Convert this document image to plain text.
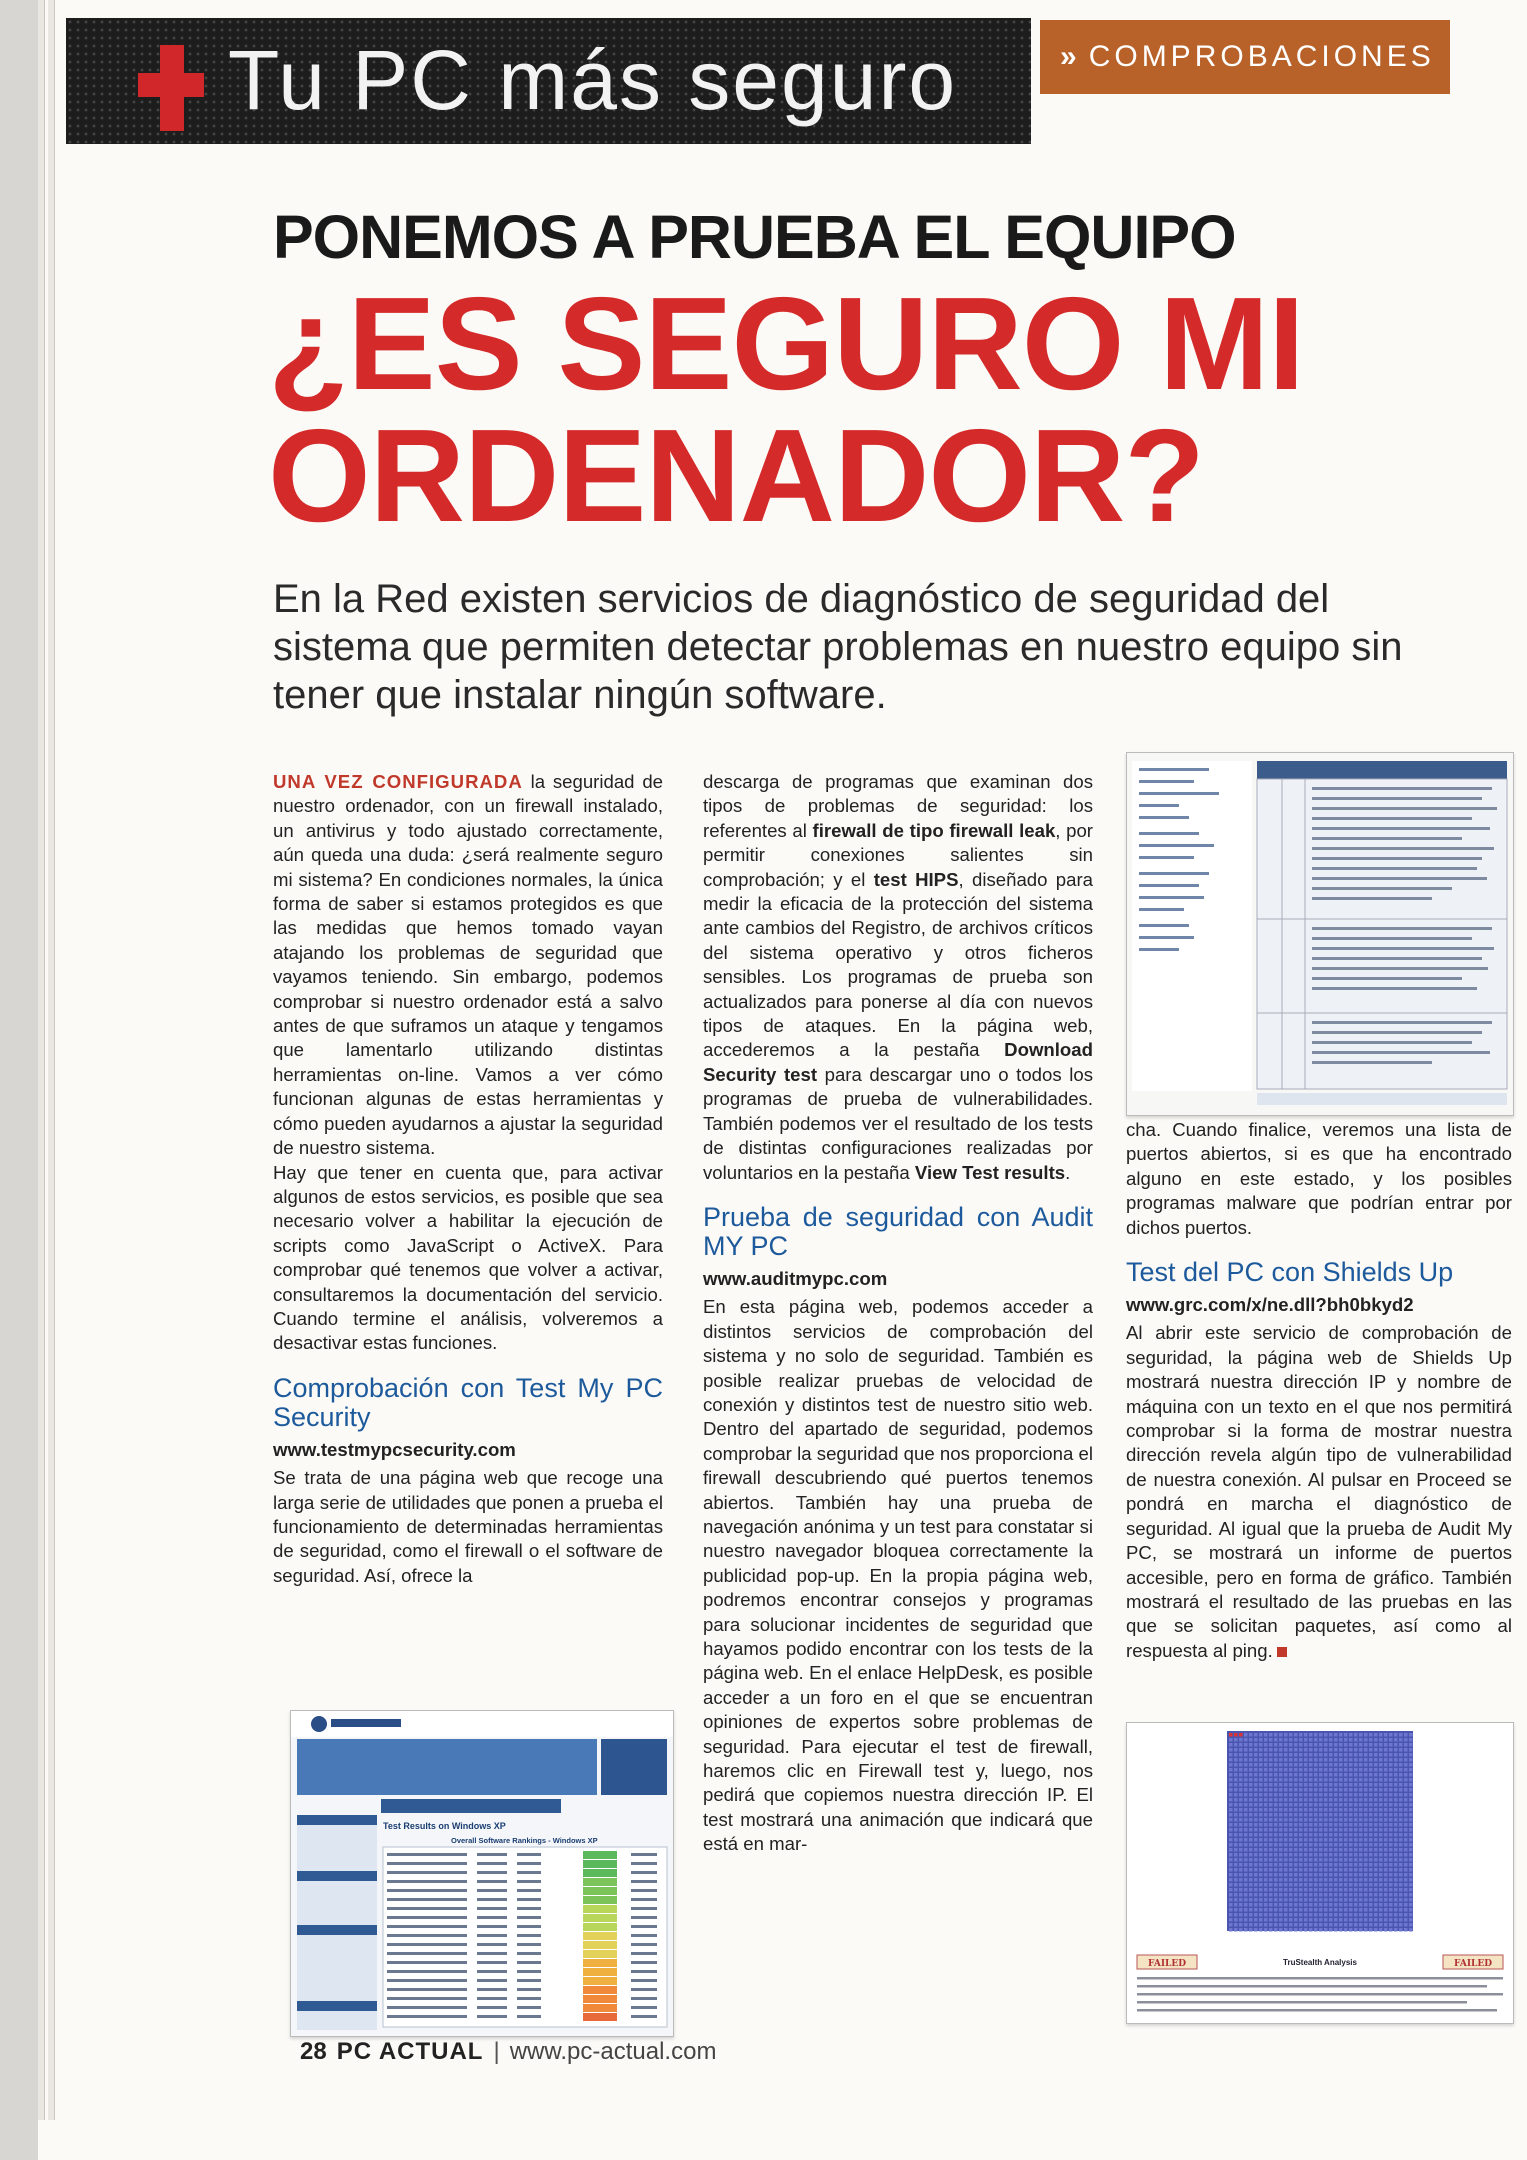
Tu PC más seguro	» COMPROBACIONES
PONEMOS A PRUEBA EL EQUIPO
¿ES SEGURO MI
ORDENADOR?
En la Red existen servicios de diagnóstico de seguridad del sistema que permiten detectar problemas en nuestro equipo sin tener que instalar ningún software.

UNA VEZ CONFIGURADA la seguridad de nuestro ordenador, con un firewall instalado, un antivirus y todo ajustado correctamente, aún queda una duda: ¿será realmente seguro mi sistema? En condiciones normales, la única forma de saber si estamos protegidos es que las medidas que hemos tomado vayan atajando los problemas de seguridad que vayamos teniendo. Sin embargo, podemos comprobar si nuestro ordenador está a salvo antes de que suframos un ataque y tengamos que lamentarlo utilizando distintas herramientas on-line. Vamos a ver cómo funcionan algunas de estas herramientas y cómo pueden ayudarnos a ajustar la seguridad de nuestro sistema.

Hay que tener en cuenta que, para activar algunos de estos servicios, es posible que sea necesario volver a habilitar la ejecución de scripts como JavaScript o ActiveX. Para comprobar qué tenemos que volver a activar, consultaremos la documentación del servicio. Cuando termine el análisis, volveremos a desactivar estas funciones.

Comprobación con Test My PC Security
www.testmypcsecurity.com

Se trata de una página web que recoge una larga serie de utilidades que ponen a prueba el funcionamiento de determinadas herramientas de seguridad, como el firewall o el software de seguridad. Así, ofrece la

descarga de programas que examinan dos tipos de problemas de seguridad: los referentes al firewall de tipo firewall leak, por permitir conexiones salientes sin comprobación; y el test HIPS, diseñado para medir la eficacia de la protección del sistema ante cambios del Registro, de archivos críticos del sistema operativo y otros ficheros sensibles. Los programas de prueba son actualizados para ponerse al día con nuevos tipos de ataques. En la página web, accederemos a la pestaña Download Security test para descargar uno o todos los programas de prueba de vulnerabilidades. También podemos ver el resultado de los tests de distintas configuraciones realizadas por voluntarios en la pestaña View Test results.

Prueba de seguridad con Audit MY PC
www.auditmypc.com

En esta página web, podemos acceder a distintos servicios de comprobación del sistema y no solo de seguridad. También es posible realizar pruebas de velocidad de conexión y distintos test de nuestro sitio web. Dentro del apartado de seguridad, podemos comprobar la seguridad que nos proporciona el firewall descubriendo qué puertos tenemos abiertos. También hay una prueba de navegación anónima y un test para constatar si nuestro navegador bloquea correctamente la publicidad pop-up. En la propia página web, podremos encontrar consejos y programas para solucionar incidentes de seguridad que hayamos podido encontrar con los tests de la página web. En el enlace HelpDesk, es posible acceder a un foro en el que se encuentran opiniones de expertos sobre problemas de seguridad. Para ejecutar el test de firewall, haremos clic en Firewall test y, luego, nos pedirá que copiemos nuestra dirección IP. El test mostrará una animación que indicará que está en mar-

cha. Cuando finalice, veremos una lista de puertos abiertos, si es que ha encontrado alguno en este estado, y los posibles programas malware que podrían entrar por dichos puertos.

Test del PC con Shields Up
www.grc.com/x/ne.dll?bh0bkyd2

Al abrir este servicio de comprobación de seguridad, la página web de Shields Up mostrará nuestra dirección IP y nombre de máquina con un texto en el que nos permitirá comprobar si la forma de mostrar nuestra dirección revela algún tipo de vulnerabilidad de nuestra conexión. Al pulsar en Proceed se pondrá en marcha el diagnóstico de seguridad. Al igual que la prueba de Audit My PC, se mostrará un informe de puertos accesible, pero en forma de gráfico. También mostrará el resultado de las pruebas en las que se solicitan paquetes, así como al respuesta al ping.

Test Results on Windows XP
Overall Software Rankings - Windows XP
FAILED	FAILED
TruStealth Analysis
28 PC ACTUAL | www.pc-actual.com
